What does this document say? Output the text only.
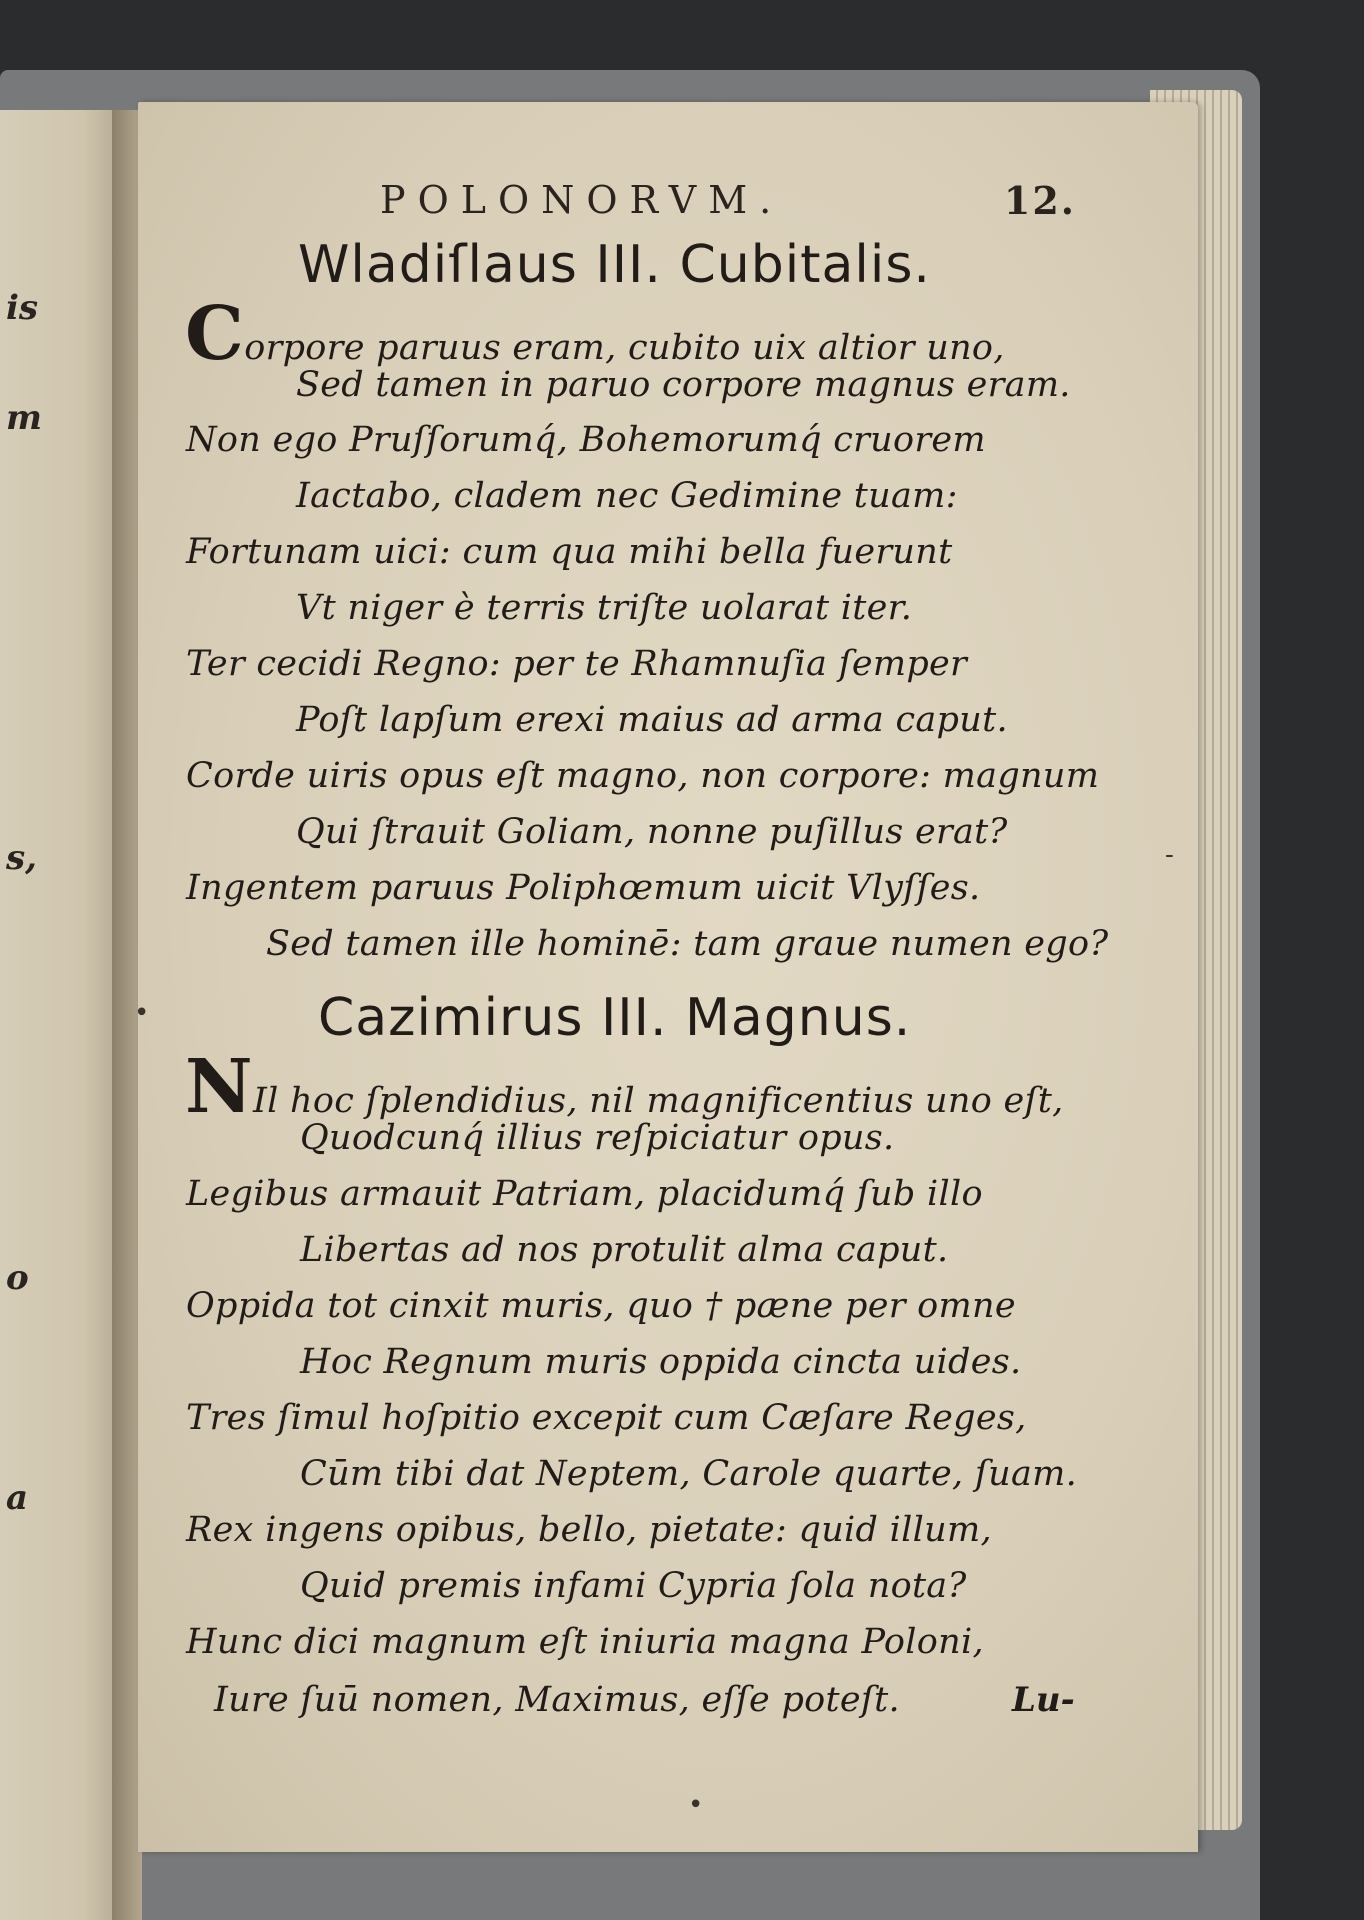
is
m
s,
o
a
POLONORVM.	12.
Wladiſlaus III. Cubitalis.
Corpore paruus eram, cubito uix altior uno,
Sed tamen in paruo corpore magnus eram.
Non ego Pruſſorumq́, Bohemorumq́ cruorem
Iactabo, cladem nec Gedimine tuam:
Fortunam uici: cum qua mihi bella fuerunt
Vt niger è terris triſte uolarat iter.
Ter cecidi Regno: per te Rhamnuſia ſemper
Poſt lapſum erexi maius ad arma caput.
Corde uiris opus eſt magno, non corpore: magnum
Qui ſtrauit Goliam, nonne puſillus erat?
Ingentem paruus Poliphœmum uicit Vlyſſes.
Sed tamen ille hominē: tam graue numen ego?
Cazimirus III. Magnus.
NIl hoc ſplendidius, nil magnificentius uno eſt,
Quodcunq́ illius reſpiciatur opus.
Legibus armauit Patriam, placidumq́ ſub illo
Libertas ad nos protulit alma caput.
Oppida tot cinxit muris, quo † pæne per omne
Hoc Regnum muris oppida cincta uides.
Tres ſimul hoſpitio excepit cum Cæſare Reges,
Cūm tibi dat Neptem, Carole quarte, ſuam.
Rex ingens opibus, bello, pietate: quid illum,
Quid premis infami Cypria ſola nota?
Hunc dici magnum eſt iniuria magna Poloni,
Iure ſuū nomen, Maximus, eſſe poteſt.	Lu-
-
•
•
